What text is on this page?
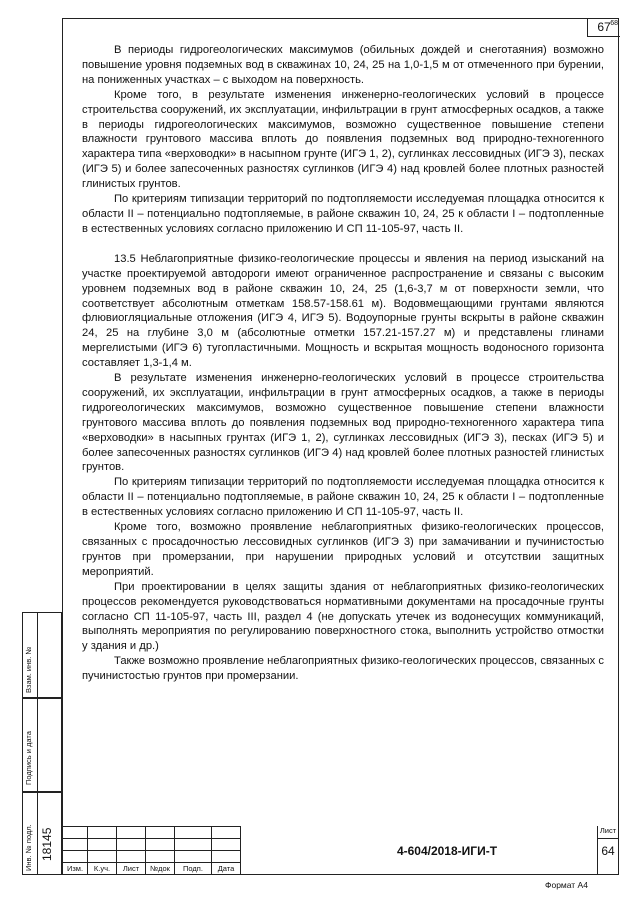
68
67

В периоды гидрогеологических максимумов (обильных дождей и снеготаяния) возможно повышение уровня подземных вод в скважинах 10, 24, 25 на 1,0-1,5 м от отмеченного при бурении, на пониженных участках – с выходом на поверхность.

Кроме того, в результате изменения инженерно-геологических условий в процессе строительства сооружений, их эксплуатации, инфильтрации в грунт атмосферных осадков, а также в периоды гидрогеологических максимумов, возможно существенное повышение степени влажности грунтового массива вплоть до появления подземных вод природно-техногенного характера типа «верховодки» в насыпном грунте (ИГЭ 1, 2), суглинках лессовидных (ИГЭ 3), песках (ИГЭ 5) и более запесоченных разностях суглинков (ИГЭ 4) над кровлей более плотных разностей глинистых грунтов.

По критериям типизации территорий по подтопляемости исследуемая площадка относится к области II – потенциально подтопляемые, в районе скважин 10, 24, 25 к области I – подтопленные в естественных условиях согласно приложению И СП 11-105-97, часть II.

13.5 Неблагоприятные физико-геологические процессы и явления на период изысканий на участке проектируемой автодороги имеют ограниченное распространение и связаны с высоким уровнем подземных вод в районе скважин 10, 24, 25 (1,6-3,7 м от поверхности земли, что соответствует абсолютным отметкам 158.57-158.61 м). Водовмещающими грунтами являются флювиогляциальные отложения (ИГЭ 4, ИГЭ 5). Водоупорные грунты вскрыты в районе скважин 24, 25 на глубине 3,0 м (абсолютные отметки 157.21-157.27 м) и представлены глинами мергелистыми (ИГЭ 6) тугопластичными. Мощность и вскрытая мощность водоносного горизонта составляет 1,3-1,4 м.

В результате изменения инженерно-геологических условий в процессе строительства сооружений, их эксплуатации, инфильтрации в грунт атмосферных осадков, а также в периоды гидрогеологических максимумов, возможно существенное повышение степени влажности грунтового массива вплоть до появления подземных вод природно-техногенного характера типа «верховодки» в насыпных грунтах (ИГЭ 1, 2), суглинках лессовидных (ИГЭ 3), песках (ИГЭ 5) и более запесоченных разностях суглинков (ИГЭ 4) над кровлей более плотных разностей глинистых грунтов.

По критериям типизации территорий по подтопляемости исследуемая площадка относится к области II – потенциально подтопляемые, в районе скважин 10, 24, 25 к области I – подтопленные в естественных условиях согласно приложению И СП 11-105-97, часть II.

Кроме того, возможно проявление неблагоприятных физико-геологических процессов, связанных с просадочностью лессовидных суглинков (ИГЭ 3) при замачивании и пучинистостью грунтов при промерзании, при нарушении природных условий и отсутствии защитных мероприятий.

При проектировании в целях защиты здания от неблагоприятных физико-геологических процессов рекомендуется руководствоваться нормативными документами на просадочные грунты согласно СП 11-105-97, часть III, раздел 4 (не допускать утечек из водонесущих коммуникаций, выполнять мероприятия по регулированию поверхностного стока, выполнить устройство отмостки у здания и др.)

Также возможно проявление неблагоприятных физико-геологических процессов, связанных с пучинистостью грунтов при промерзании.

Взам. инв. №
Подпись и дата
Инв. № подл. 18145

Изм.	К.уч.	Лист	№док	Подп.	Дата
4-604/2018-ИГИ-Т
Лист
64
Формат А4
